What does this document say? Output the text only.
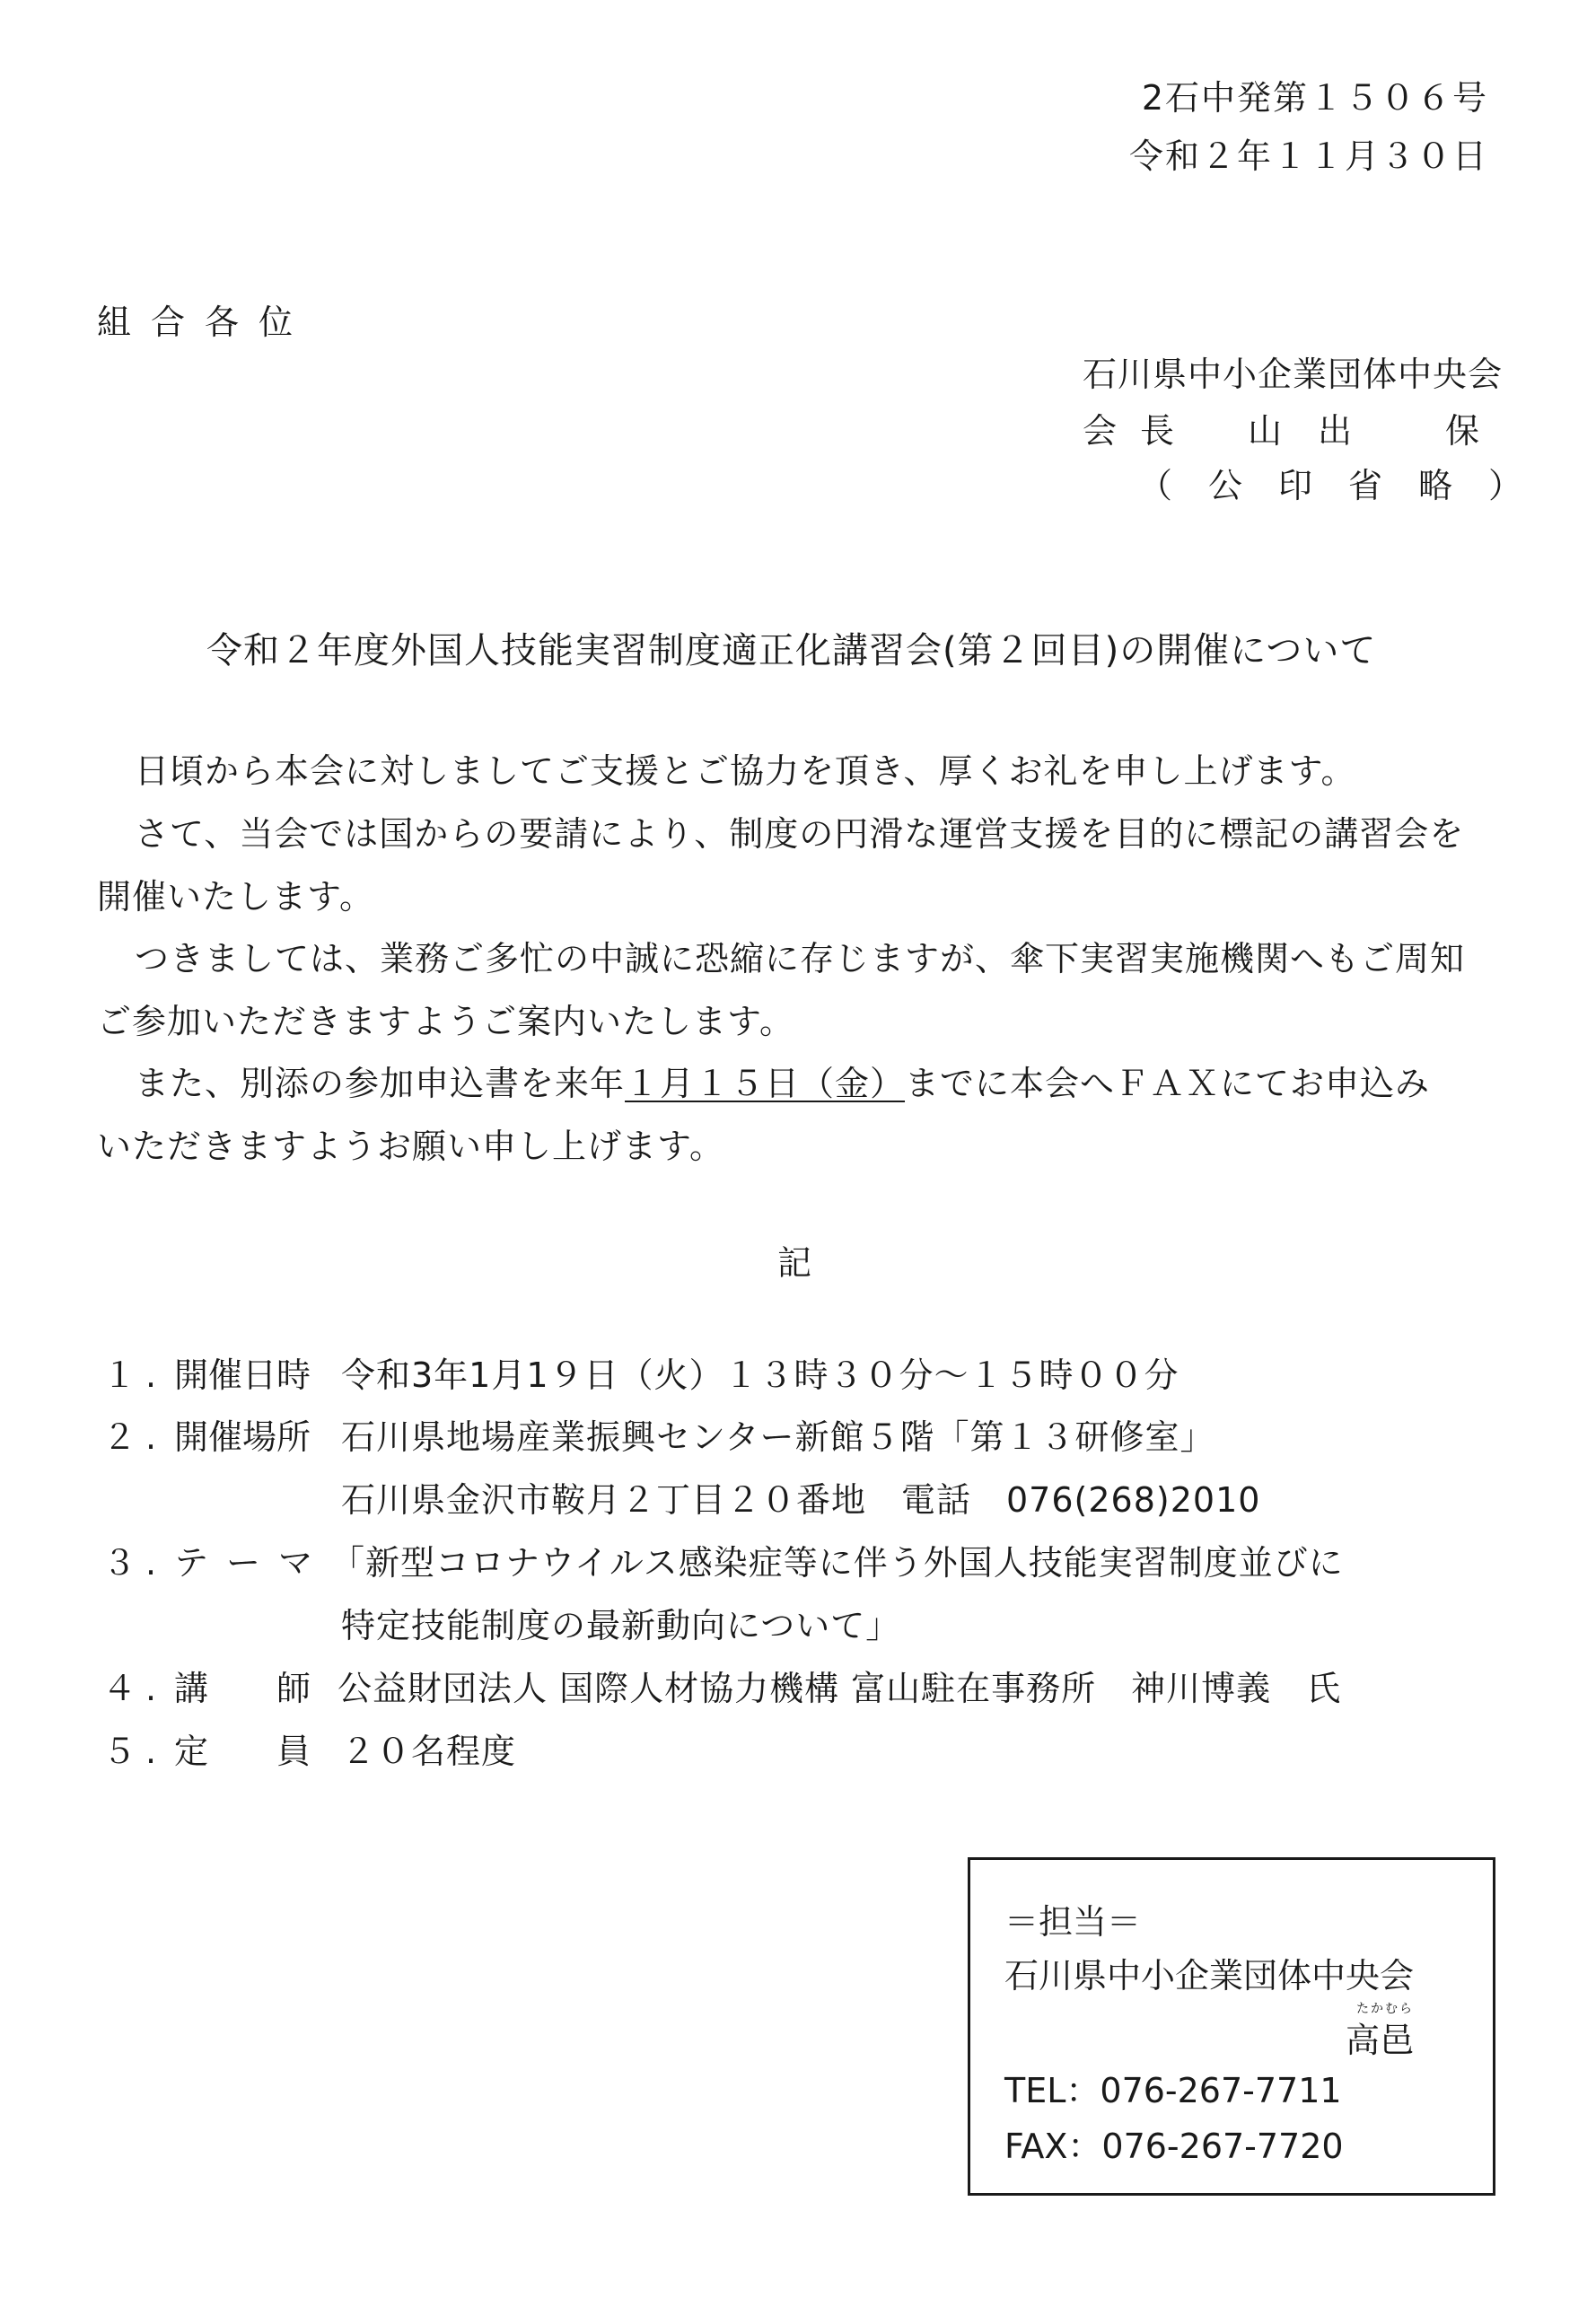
2石中発第１５０６号
令和２年１１月３０日
組合各位
石川県中小企業団体中央会
会長 山出 保
（公印省略）
令和２年度外国人技能実習制度適正化講習会(第２回目)の開催について
日頃から本会に対しましてご支援とご協力を頂き、厚くお礼を申し上げます。
さて、当会では国からの要請により、制度の円滑な運営支援を目的に標記の講習会を
開催いたします。
つきましては、業務ご多忙の中誠に恐縮に存じますが、傘下実習実施機関へもご周知
ご参加いただきますようご案内いたします。
また、別添の参加申込書を来年１月１５日（金）までに本会へＦＡＸにてお申込み
いただきますようお願い申し上げます。
記
１. 開催日時 令和3年1月1９日（火）１３時３０分～１５時００分
２. 開催場所 石川県地場産業振興センター新館５階「第１３研修室」
石川県金沢市鞍月２丁目２０番地　電話　076(268)2010
３. テーマ 「新型コロナウイルス感染症等に伴う外国人技能実習制度並びに
特定技能制度の最新動向について」
４. 講　　師 公益財団法人 国際人材協力機構 富山駐在事務所　神川博義　氏
５. 定　　員 ２０名程度
＝担当＝
石川県中小企業団体中央会
たかむら
高邑
TEL：076-267-7711
FAX：076-267-7720
